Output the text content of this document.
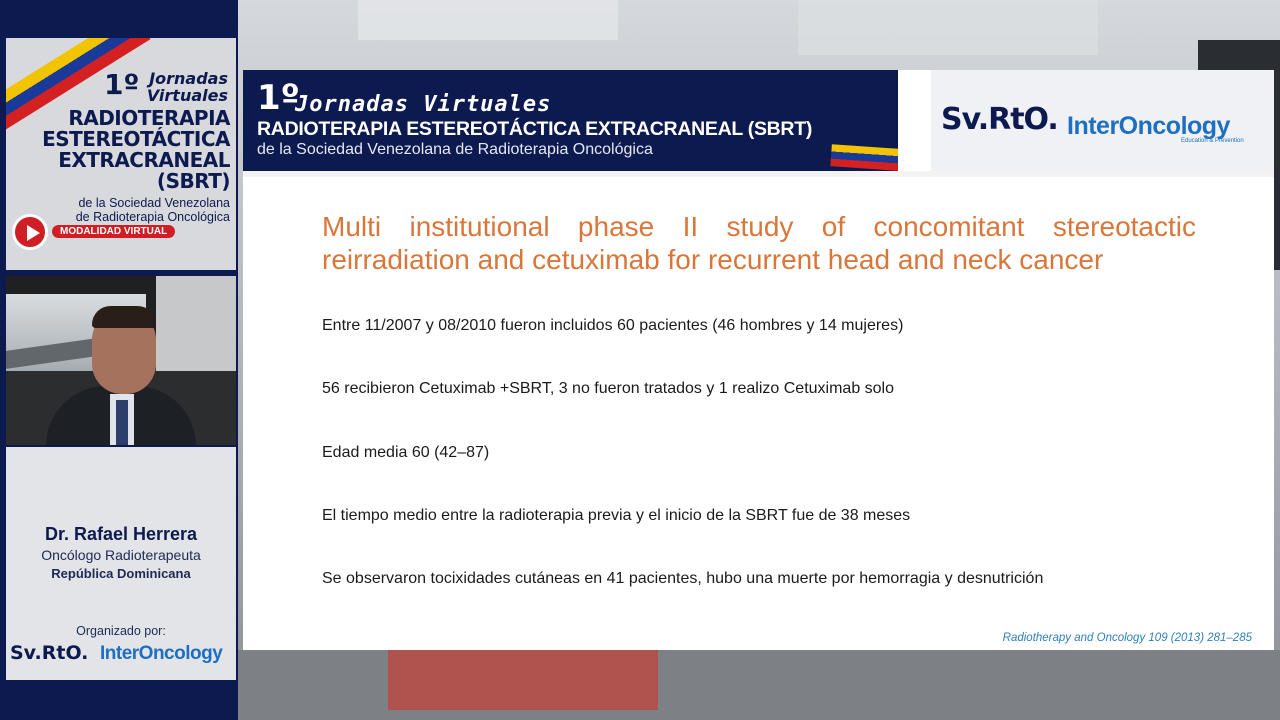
1º Jornadas
Virtuales
RADIOTERAPIA ESTEREOTÁCTICA EXTRACRANEAL (SBRT)
de la Sociedad Venezolana
de Radioterapia Oncológica
MODALIDAD VIRTUAL
Dr. Rafael Herrera
Oncólogo Radioterapeuta
República Dominicana
Organizado por:
Sv.RtO. InterOncology
1º
Jornadas Virtuales
RADIOTERAPIA ESTEREOTÁCTICA EXTRACRANEAL (SBRT)
de la Sociedad Venezolana de Radioterapia Oncológica
Sv.RtO. InterOncology
Education & Prevention
Multi institutional phase II study of concomitant stereotactic reirradiation and cetuximab for recurrent head and neck cancer
Entre 11/2007 y 08/2010 fueron incluidos 60 pacientes (46 hombres y 14 mujeres)
56 recibieron Cetuximab +SBRT, 3 no fueron tratados y 1 realizo Cetuximab solo
Edad media 60 (42–87)
El tiempo medio entre la radioterapia previa y el inicio de la SBRT fue de 38 meses
Se observaron tocixidades cutáneas en 41 pacientes, hubo una muerte por hemorragia y desnutrición
Radiotherapy and Oncology 109 (2013) 281–285
